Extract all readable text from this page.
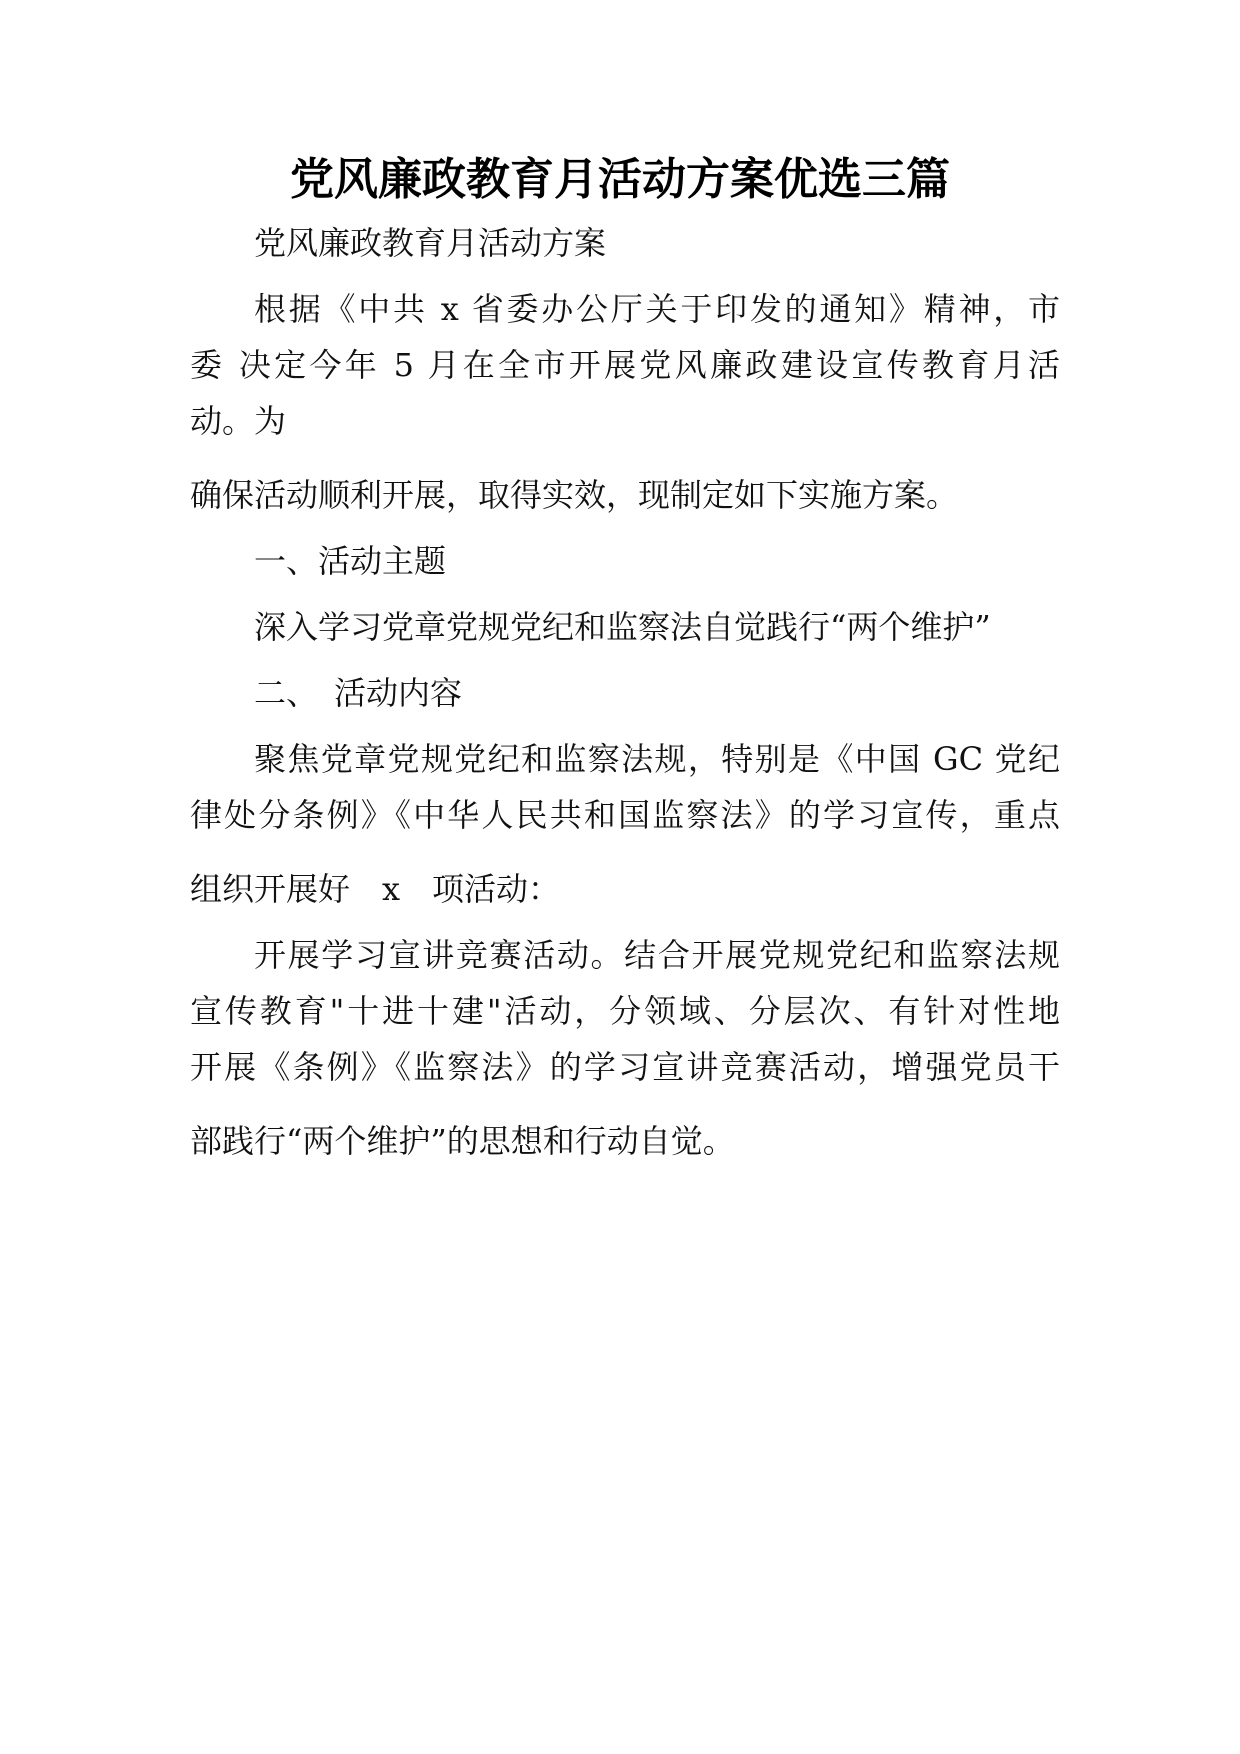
党风廉政教育月活动方案优选三篇

党风廉政教育月活动方案

根据《中共 x 省委办公厅关于印发的通知》精神，市

委 决定今年 5 月在全市开展党风廉政建设宣传教育月活
动。为

确保活动顺利开展，取得实效，现制定如下实施方案。

一、活动主题

深入学习党章党规党纪和监察法自觉践行“两个维护”

二、　活动内容

聚焦党章党规党纪和监察法规，特别是《中国 GC 党纪

律处分条例》《中华人民共和国监察法》的学习宣传，重点

组织开展好　x　项活动：

开展学习宣讲竞赛活动。结合开展党规党纪和监察法规

宣传教育"十进十建"活动，分领域、分层次、有针对性地
开展《条例》《监察法》的学习宣讲竞赛活动，增强党员干

部践行“两个维护”的思想和行动自觉。
